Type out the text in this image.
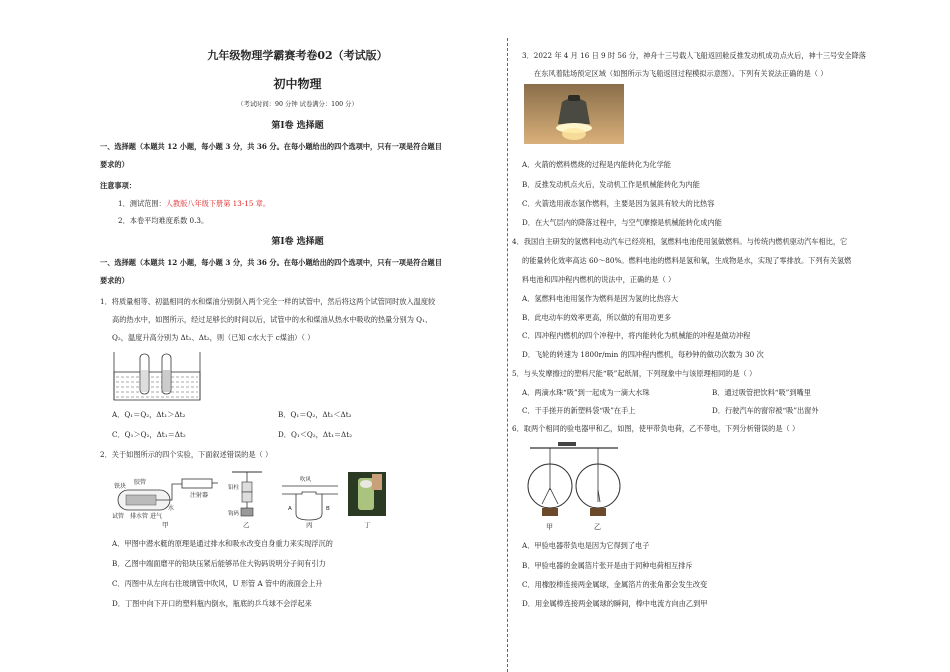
九年级物理学霸赛考卷02（考试版）
初中物理
（考试时间：90 分钟 试卷满分：100 分）
第Ⅰ卷 选择题
一、选择题（本题共 12 小题，每小题 3 分，共 36 分。在每小题给出的四个选项中，只有一项是符合题目
要求的）
注意事项：
1．测试范围：人教版八年级下册第 13-15 章。
2．本卷平均难度系数 0.3。
第Ⅰ卷 选择题
一、选择题（本题共 12 小题，每小题 3 分，共 36 分。在每小题给出的四个选项中，只有一项是符合题目
要求的）
1．将质量相等、初温相同的水和煤油分别倒入两个完全一样的试管中，然后将这两个试管同时放入温度较
高的热水中，如图所示，经过足够长的时间以后，试管中的水和煤油从热水中吸收的热量分别为 Q₁、
Q₂，温度升高分别为 Δt₁、Δt₂，则（已知 c水大于 c煤油）（ ）
A．Q₁＝Q₂，Δt₁＞Δt₂	B．Q₁＝Q₂，Δt₁＜Δt₂
C．Q₁＞Q₂，Δt₁＝Δt₂	D．Q₁＜Q₂，Δt₁＝Δt₂
2．关于如图所示的四个实验，下面叙述错误的是（ ）
胶管
注射器
试管 排水管 进气
铁块
水
甲
铅柱
钩码
乙
吹风
A	B
丙	丁
A．甲图中潜水艇的原理是通过排水和吸水改变自身重力来实现浮沉的
B．乙图中端面磨平的铅块压紧后能够吊住大钩码说明分子间有引力
C．丙图中从左向右往玻璃管中吹风，U 形管 A 管中的液面会上升
D．丁图中向下开口的塑料瓶内倒水，瓶底的乒乓球不会浮起来
3．2022 年 4 月 16 日 9 时 56 分，神舟十三号载人飞船返回舱反推发动机成功点火后，神十三号安全降落
在东风着陆场预定区域（如图所示为飞船返回过程模拟示意图）。下列有关说法正确的是（ ）
A．火箭的燃料燃烧的过程是内能转化为化学能
B．反推发动机点火后，发动机工作是机械能转化为内能
C．火箭选用液态氢作燃料，主要是因为氢具有较大的比热容
D．在大气层内的降落过程中，与空气摩擦是机械能转化成内能
4．我国自主研发的氢燃料电动汽车已经亮相，氢燃料电池使用氢做燃料。与传统内燃机驱动汽车相比，它
的能量转化效率高达 60～80%。燃料电池的燃料是氢和氧，生成物是水，实现了零排放。下列有关氢燃
料电池和四冲程内燃机的说法中，正确的是（ ）
A．氢燃料电池用氢作为燃料是因为氢的比热容大
B．此电动车的效率更高，所以做的有用功更多
C．四冲程内燃机的四个冲程中，将内能转化为机械能的冲程是做功冲程
D．飞轮的转速为 1800r/min 的四冲程内燃机，每秒钟的做功次数为 30 次
5．与头发摩擦过的塑料尺能“吸”起纸屑，下列现象中与该原理相同的是（ ）
A．两滴水珠“吸”到一起成为一滴大水珠	B．通过吸管把饮料“吸”到嘴里
C．干手搓开的新塑料袋“吸”在手上	D．行驶汽车的窗帘被“吸”出窗外
6．取两个相同的验电器甲和乙，如图，使甲带负电荷，乙不带电，下列分析错误的是（ ）
甲	乙
A．甲验电器带负电是因为它得到了电子
B．甲验电器的金属箔片张开是由于同种电荷相互排斥
C．用橡胶棒连接两金属球，金属箔片的张角都会发生改变
D．用金属棒连接两金属球的瞬间，棒中电流方向由乙到甲
